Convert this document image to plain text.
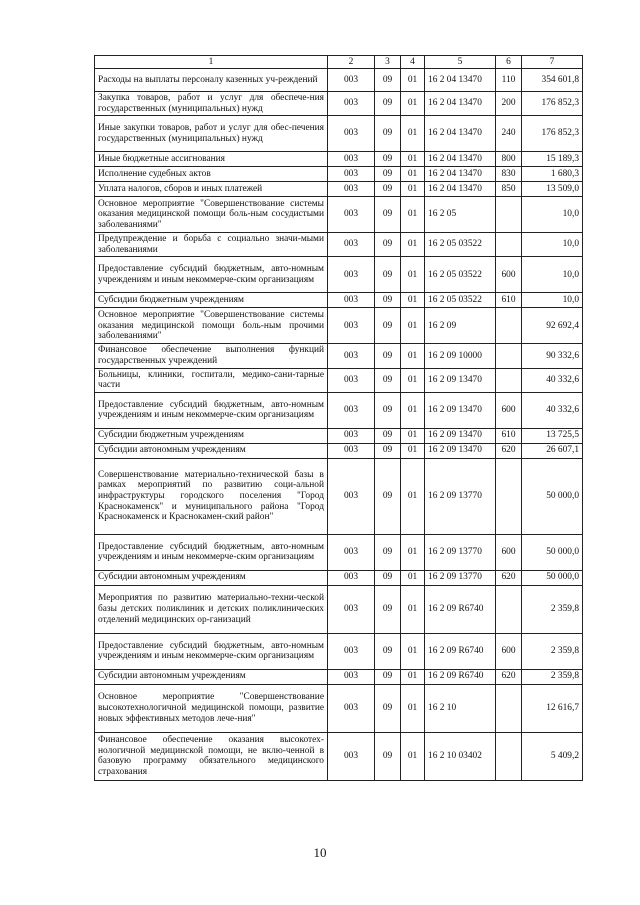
1	2	3	4	5	6	7
Расходы на выплаты персоналу казенных уч-реждений	003	09	01	16 2 04 13470	110	354 601,8
Закупка товаров, работ и услуг для обеспече-ния государственных (муниципальных) нужд	003	09	01	16 2 04 13470	200	176 852,3
Иные закупки товаров, работ и услуг для обес-печения государственных (муниципальных) нужд	003	09	01	16 2 04 13470	240	176 852,3
Иные бюджетные ассигнования	003	09	01	16 2 04 13470	800	15 189,3
Исполнение судебных актов	003	09	01	16 2 04 13470	830	1 680,3
Уплата налогов, сборов и иных платежей	003	09	01	16 2 04 13470	850	13 509,0
Основное мероприятие "Совершенствование системы оказания медицинской помощи боль-ным сосудистыми заболеваниями"	003	09	01	16 2 05		10,0
Предупреждение и борьба с социально значи-мыми заболеваниями	003	09	01	16 2 05 03522		10,0
Предоставление субсидий бюджетным, авто-номным учреждениям и иным некоммерче-ским организациям	003	09	01	16 2 05 03522	600	10,0
Субсидии бюджетным учреждениям	003	09	01	16 2 05 03522	610	10,0
Основное мероприятие "Совершенствование системы оказания медицинской помощи боль-ным прочими заболеваниями"	003	09	01	16 2 09		92 692,4
Финансовое обеспечение выполнения функций государственных учреждений	003	09	01	16 2 09 10000		90 332,6
Больницы, клиники, госпитали, медико-сани-тарные части	003	09	01	16 2 09 13470		40 332,6
Предоставление субсидий бюджетным, авто-номным учреждениям и иным некоммерче-ским организациям	003	09	01	16 2 09 13470	600	40 332,6
Субсидии бюджетным учреждениям	003	09	01	16 2 09 13470	610	13 725,5
Субсидии автономным учреждениям	003	09	01	16 2 09 13470	620	26 607,1
Совершенствование материально-технической базы в рамках мероприятий по развитию соци-альной инфраструктуры городского поселения "Город Краснокаменск" и муниципального района "Город Краснокаменск и Краснокамен-ский район"	003	09	01	16 2 09 13770		50 000,0
Предоставление субсидий бюджетным, авто-номным учреждениям и иным некоммерче-ским организациям	003	09	01	16 2 09 13770	600	50 000,0
Субсидии автономным учреждениям	003	09	01	16 2 09 13770	620	50 000,0
Мероприятия по развитию материально-техни-ческой базы детских поликлиник и детских поликлинических отделений медицинских ор-ганизаций	003	09	01	16 2 09 R6740		2 359,8
Предоставление субсидий бюджетным, авто-номным учреждениям и иным некоммерче-ским организациям	003	09	01	16 2 09 R6740	600	2 359,8
Субсидии автономным учреждениям	003	09	01	16 2 09 R6740	620	2 359,8
Основное мероприятие "Совершенствование высокотехнологичной медицинской помощи, развитие новых эффективных методов лече-ния"	003	09	01	16 2 10		12 616,7
Финансовое обеспечение оказания высокотех-нологичной медицинской помощи, не вклю-ченной в базовую программу обязательного медицинского страхования	003	09	01	16 2 10 03402		5 409,2
10
